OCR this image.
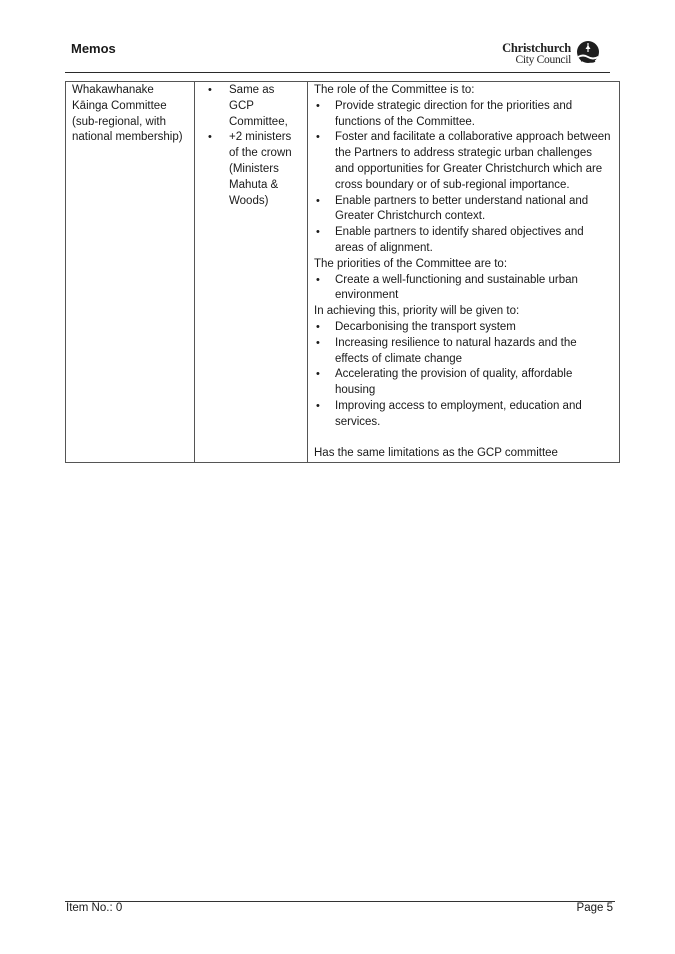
Memos	Christchurch
City Council
Whakawhanake
Kāinga Committee
(sub-regional, with
national membership)

• Same as GCP Committee,
• +2 ministers of the crown (Ministers Mahuta & Woods)

The role of the Committee is to:
• Provide strategic direction for the priorities and functions of the Committee.
• Foster and facilitate a collaborative approach between the Partners to address strategic urban challenges and opportunities for Greater Christchurch which are cross boundary or of sub-regional importance.
• Enable partners to better understand national and Greater Christchurch context.
• Enable partners to identify shared objectives and areas of alignment.
The priorities of the Committee are to:
• Create a well-functioning and sustainable urban environment
In achieving this, priority will be given to:
• Decarbonising the transport system
• Increasing resilience to natural hazards and the effects of climate change
• Accelerating the provision of quality, affordable housing
• Improving access to employment, education and services.
Has the same limitations as the GCP committee
Item No.: 0	Page 5
